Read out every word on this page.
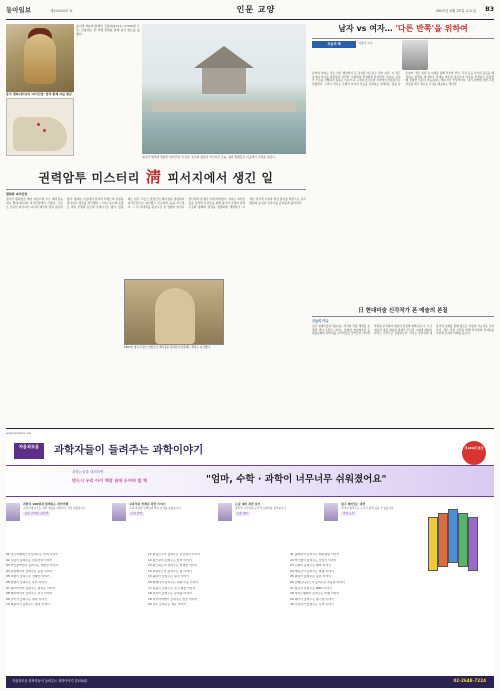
동아일보	제24104호 ⑤	인문 교양	2007년 4월 25일 토요일 B3
송나라 제1대 황제인 건륭제(1711~1799)의 그림. 건륭제는 한 차례 정벌을 통해 중국 영토를 넓혔다.
중국 열하(청더)의 '피서산장' 청의 황제 여름 별궁
청나라 열하에 세워진 피서산장 '수심사' 호수와 정원이 어우러진 모습. 청의 황제들은 이곳에서 국정을 보았다.
권력암투 미스터리 淸 피서지에서 생긴 일
열하와 피서산장
청나라 황제들은 매년 여름이면 수도 베이징을 떠나 열하(청더)의 피서산장에서 지냈다. 이곳은 단순한 피서지가 아니라 제국의 정치 중심지였다. 황제는 이곳에서 몽골과 티베트의 사절을 맞이하고 정무를 처리했다. 그러나 동시에 수많은 권력 투쟁과 음모의 무대이기도 했다. 함풍제는 영국 프랑스 연합군이 베이징을 점령하자 피서산장으로 피신했고 이곳에서 숨을 거두었다. 그 뒤 서태후를 중심으로 한 정변이 일어나 청나라의 운명이 크게 바뀌었다. 저자는 피서산장을 둘러싼 사건들을 통해 청나라 궁정의 권력 구조와 황제의 일상을 생생하게 재현한다. 이 책은 역사적 사실과 현장 답사를 바탕으로 중국 황실의 숨겨진 이야기를 흥미롭게 풀어낸다.
1860년 영국 프랑스 연합군이 베이징을 점령하자 함풍제는 열하로 피신했다.
남자 vs 여자… '다른 반쪽'을 위하여
오늘의 책	서울대 교수
남자와 여자는 서로 다른 행성에서 온 것처럼 다르다는 말이 있다. 이 책은 남녀의 차이를 생물학과 심리학, 사회학의 관점에서 분석한다. 저자는 남녀가 서로를 이해하지 못하는 이유가 뇌 구조와 호르몬의 차이에서 비롯된다고 설명한다. 그러나 차이는 우열이 아니며 서로를 보완하는 관계라는 점을 강조한다. 책은 일상 속 사례를 통해 부부와 연인, 직장 동료 사이의 갈등을 해결하는 방법을 제시한다. 상대를 바꾸려 하기보다 다름을 인정하고 존중할 때 진정한 소통이 가능하다는 메시지가 인상적이다. 남녀 관계에 대한 고정관념을 깨고 새로운 시각을 제공하는 책이다.
日 현대미술 신각작가 폰 예술의 본질
오늘의 이슈
일본 현대미술을 대표하는 작가의 작품 세계를 조명한 책이 나왔다. 저자는 만화와 애니메이션 등 대중문화의 이미지를 순수미술로 끌어들인 작가의 작업을 분석하며 예술의 본질에 대해 묻는다. 고급 예술과 대중 예술의 경계가 무너진 시대에 예술의 가치는 무엇으로 결정되는가. 작가는 상업성과 예술성의 조화를 통해 새로운 미술의 가능성을 보여준다. 책은 작품 사진과 함께 작가와의 인터뷰를 수록해 독자의 이해를 돕는다.
www.jams21.net
자음과모음	과학자들이 들려주는 과학이야기	전100권 완간
과학논술을 대비하여
반드시 우리 아이 책장 위에 두어야 할 책	"엄마, 수학 · 과학이 너무너무 쉬워졌어요"
과학자 100명과 함께하는 과학여행
교과서에 나오는 과학 개념을 과학자가 직접 설명합니다.
초등 고학년~중학생
교과서와 연계된 과학 이야기
교과 과정과 연계하여 학습 효과를 높였습니다.
교과 연계
논술 대비 과학 읽기
창의적 사고력과 논리적 표현력을 길러줍니다.
논술 대비
쉽고 재미있는 과학
이야기 형식으로 누구나 쉽게 읽을 수 있습니다.
추천 도서
01 아르키메데스가 들려주는 부력 이야기
02 뉴턴이 들려주는 만유인력 이야기
03 아인슈타인이 들려주는 상대성 이야기
04 갈릴레이가 들려주는 운동 이야기
05 다윈이 들려주는 진화론 이야기
06 멘델이 들려주는 유전 이야기
07 퀴리부인이 들려주는 방사능 이야기
08 패러데이가 들려주는 전기 이야기
09 보어가 들려주는 원자 이야기
10 케플러가 들려주는 행성 이야기
11 파블로프가 들려주는 조건반사 이야기
12 파스칼이 들려주는 압력 이야기
13 파스퇴르가 들려주는 미생물 이야기
14 하위헌스가 들려주는 빛 이야기
15 돌턴이 들려주는 원소 이야기
16 베게너가 들려주는 대륙 이동 이야기
17 허블이 들려주는 우주 팽창 이야기
18 호킹이 들려주는 블랙홀 이야기
19 라부아지에가 들려주는 연소 이야기
20 훅이 들려주는 세포 이야기
21 플레밍이 들려주는 페니실린 이야기
22 맥스웰이 들려주는 전자기 이야기
23 노벨이 들려주는 화약 이야기
24 에디슨이 들려주는 발명 이야기
25 린네가 들려주는 분류 이야기
26 코페르니쿠스가 들려주는 지동설 이야기
27 왓슨이 들려주는 DNA 이야기
28 라이트형제가 들려주는 비행 이야기
29 제너가 들려주는 종두법 이야기
30 오일러가 들려주는 수학 이야기
자음과모음 과학자들이 들려주는 과학이야기 전100권	02-2648-7224
